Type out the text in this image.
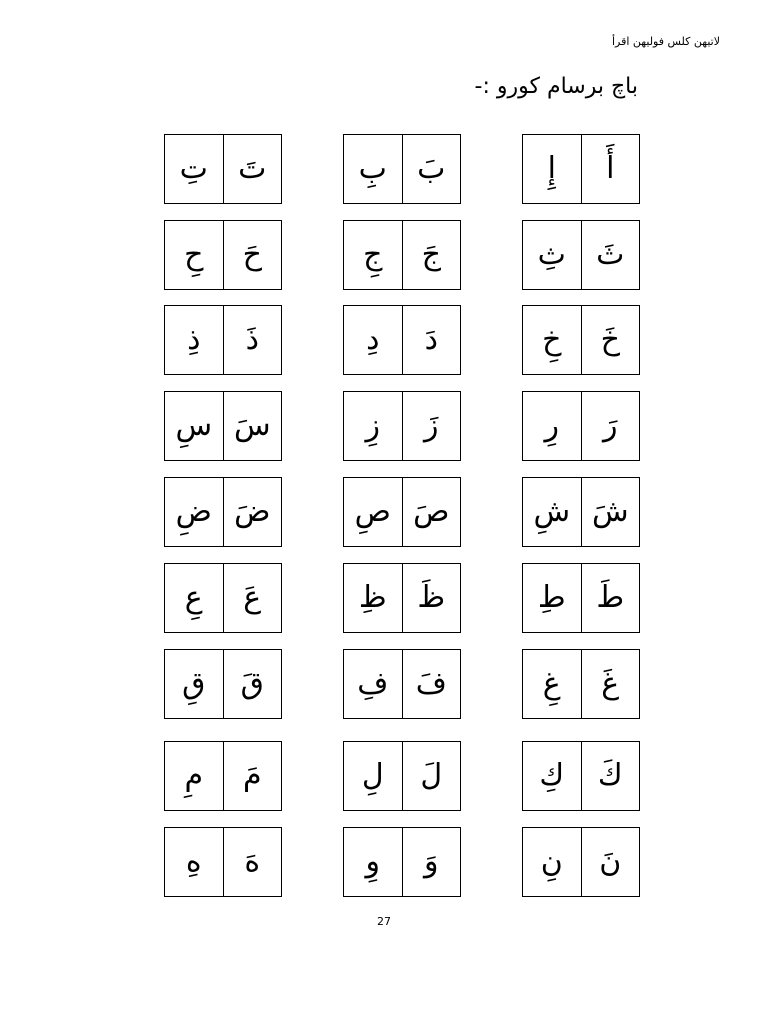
لاتيهن كلس فوليهن اقرأ
باچ برسام کورو :-
أَ
إِ
بَ
بِ
تَ
تِ
ثَ
ثِ
جَ
جِ
حَ
حِ
خَ
خِ
دَ
دِ
ذَ
ذِ
رَ
رِ
زَ
زِ
سَ
سِ
شَ
شِ
صَ
صِ
ضَ
ضِ
طَ
طِ
ظَ
ظِ
عَ
عِ
غَ
غِ
فَ
فِ
قَ
قِ
كَ
كِ
لَ
لِ
مَ
مِ
نَ
نِ
وَ
وِ
هَ
هِ
27
